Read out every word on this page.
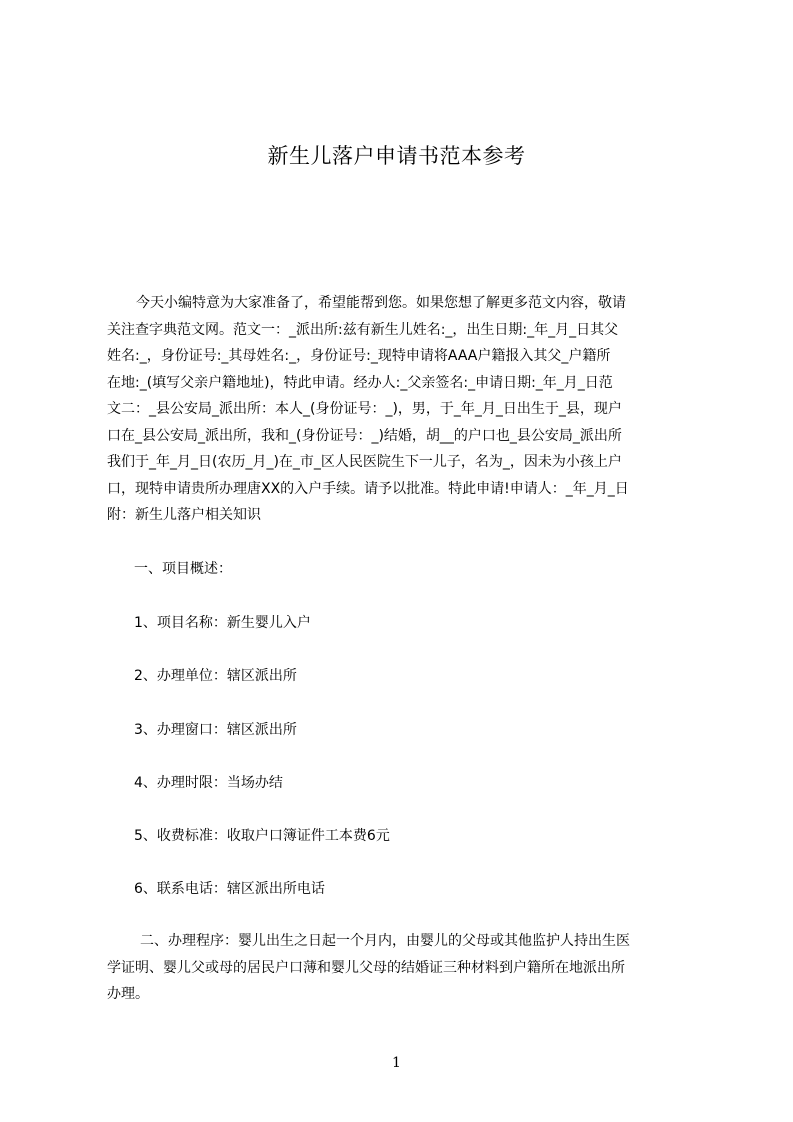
新生儿落户申请书范本参考
今天小编特意为大家准备了，希望能帮到您。如果您想了解更多范文内容，敬请
关注查字典范文网。范文一：_派出所:兹有新生儿姓名:_，出生日期:_年_月_日其父
姓名:_，身份证号:_其母姓名:_，身份证号:_现特申请将AAA户籍报入其父_户籍所
在地:_(填写父亲户籍地址)，特此申请。经办人:_父亲签名:_申请日期:_年_月_日范
文二：_县公安局_派出所：本人_(身份证号：_)，男，于_年_月_日出生于_县，现户
口在_县公安局_派出所，我和_(身份证号：_)结婚，胡__的户口也_县公安局_派出所
我们于_年_月_日(农历_月_)在_市_区人民医院生下一儿子，名为_，因未为小孩上户
口，现特申请贵所办理唐XX的入户手续。请予以批准。特此申请!申请人：_年_月_日
附：新生儿落户相关知识

一、项目概述：

1、项目名称：新生婴儿入户

2、办理单位：辖区派出所

3、办理窗口：辖区派出所

4、办理时限：当场办结

5、收费标准：收取户口簿证件工本费6元

6、联系电话：辖区派出所电话

二、办理程序：婴儿出生之日起一个月内，由婴儿的父母或其他监护人持出生医
学证明、婴儿父或母的居民户口薄和婴儿父母的结婚证三种材料到户籍所在地派出所
办理。
1
